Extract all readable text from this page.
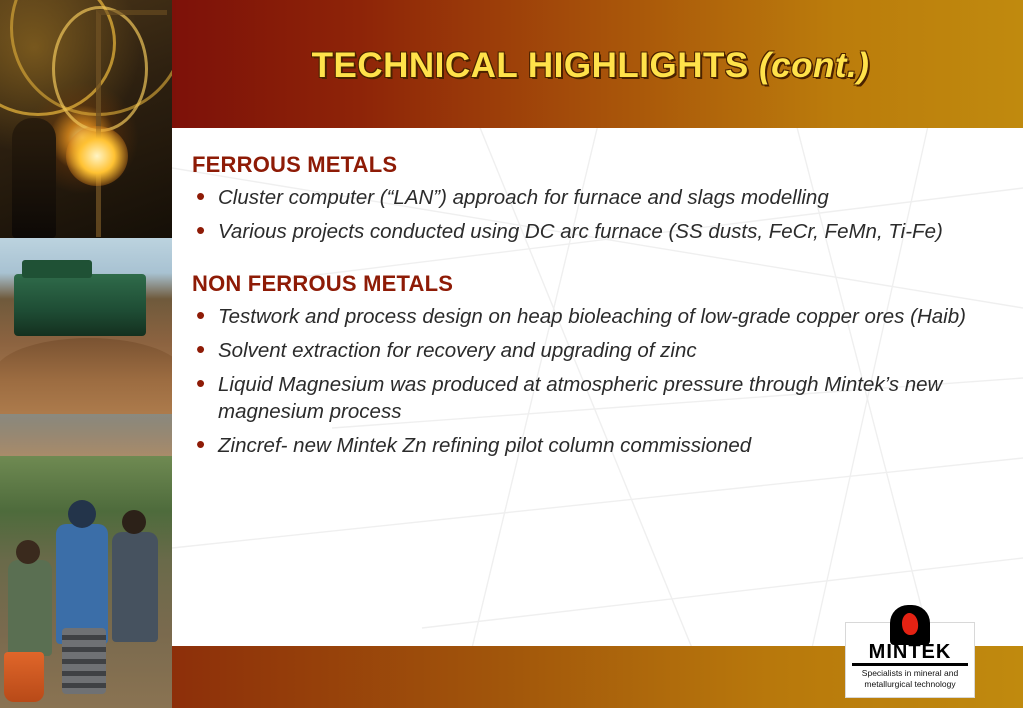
TECHNICAL HIGHLIGHTS (cont.)
FERROUS METALS
• Cluster computer (“LAN”) approach for furnace and slags modelling
• Various projects conducted using DC arc furnace (SS dusts, FeCr, FeMn, Ti-Fe)
NON FERROUS METALS
• Testwork and process design on heap bioleaching of low-grade copper ores (Haib)
• Solvent extraction for recovery and upgrading of zinc
• Liquid Magnesium was produced at atmospheric pressure through Mintek’s new magnesium process
• Zincref- new Mintek Zn refining pilot column commissioned
MINTEK
Specialists in mineral and
metallurgical technology
